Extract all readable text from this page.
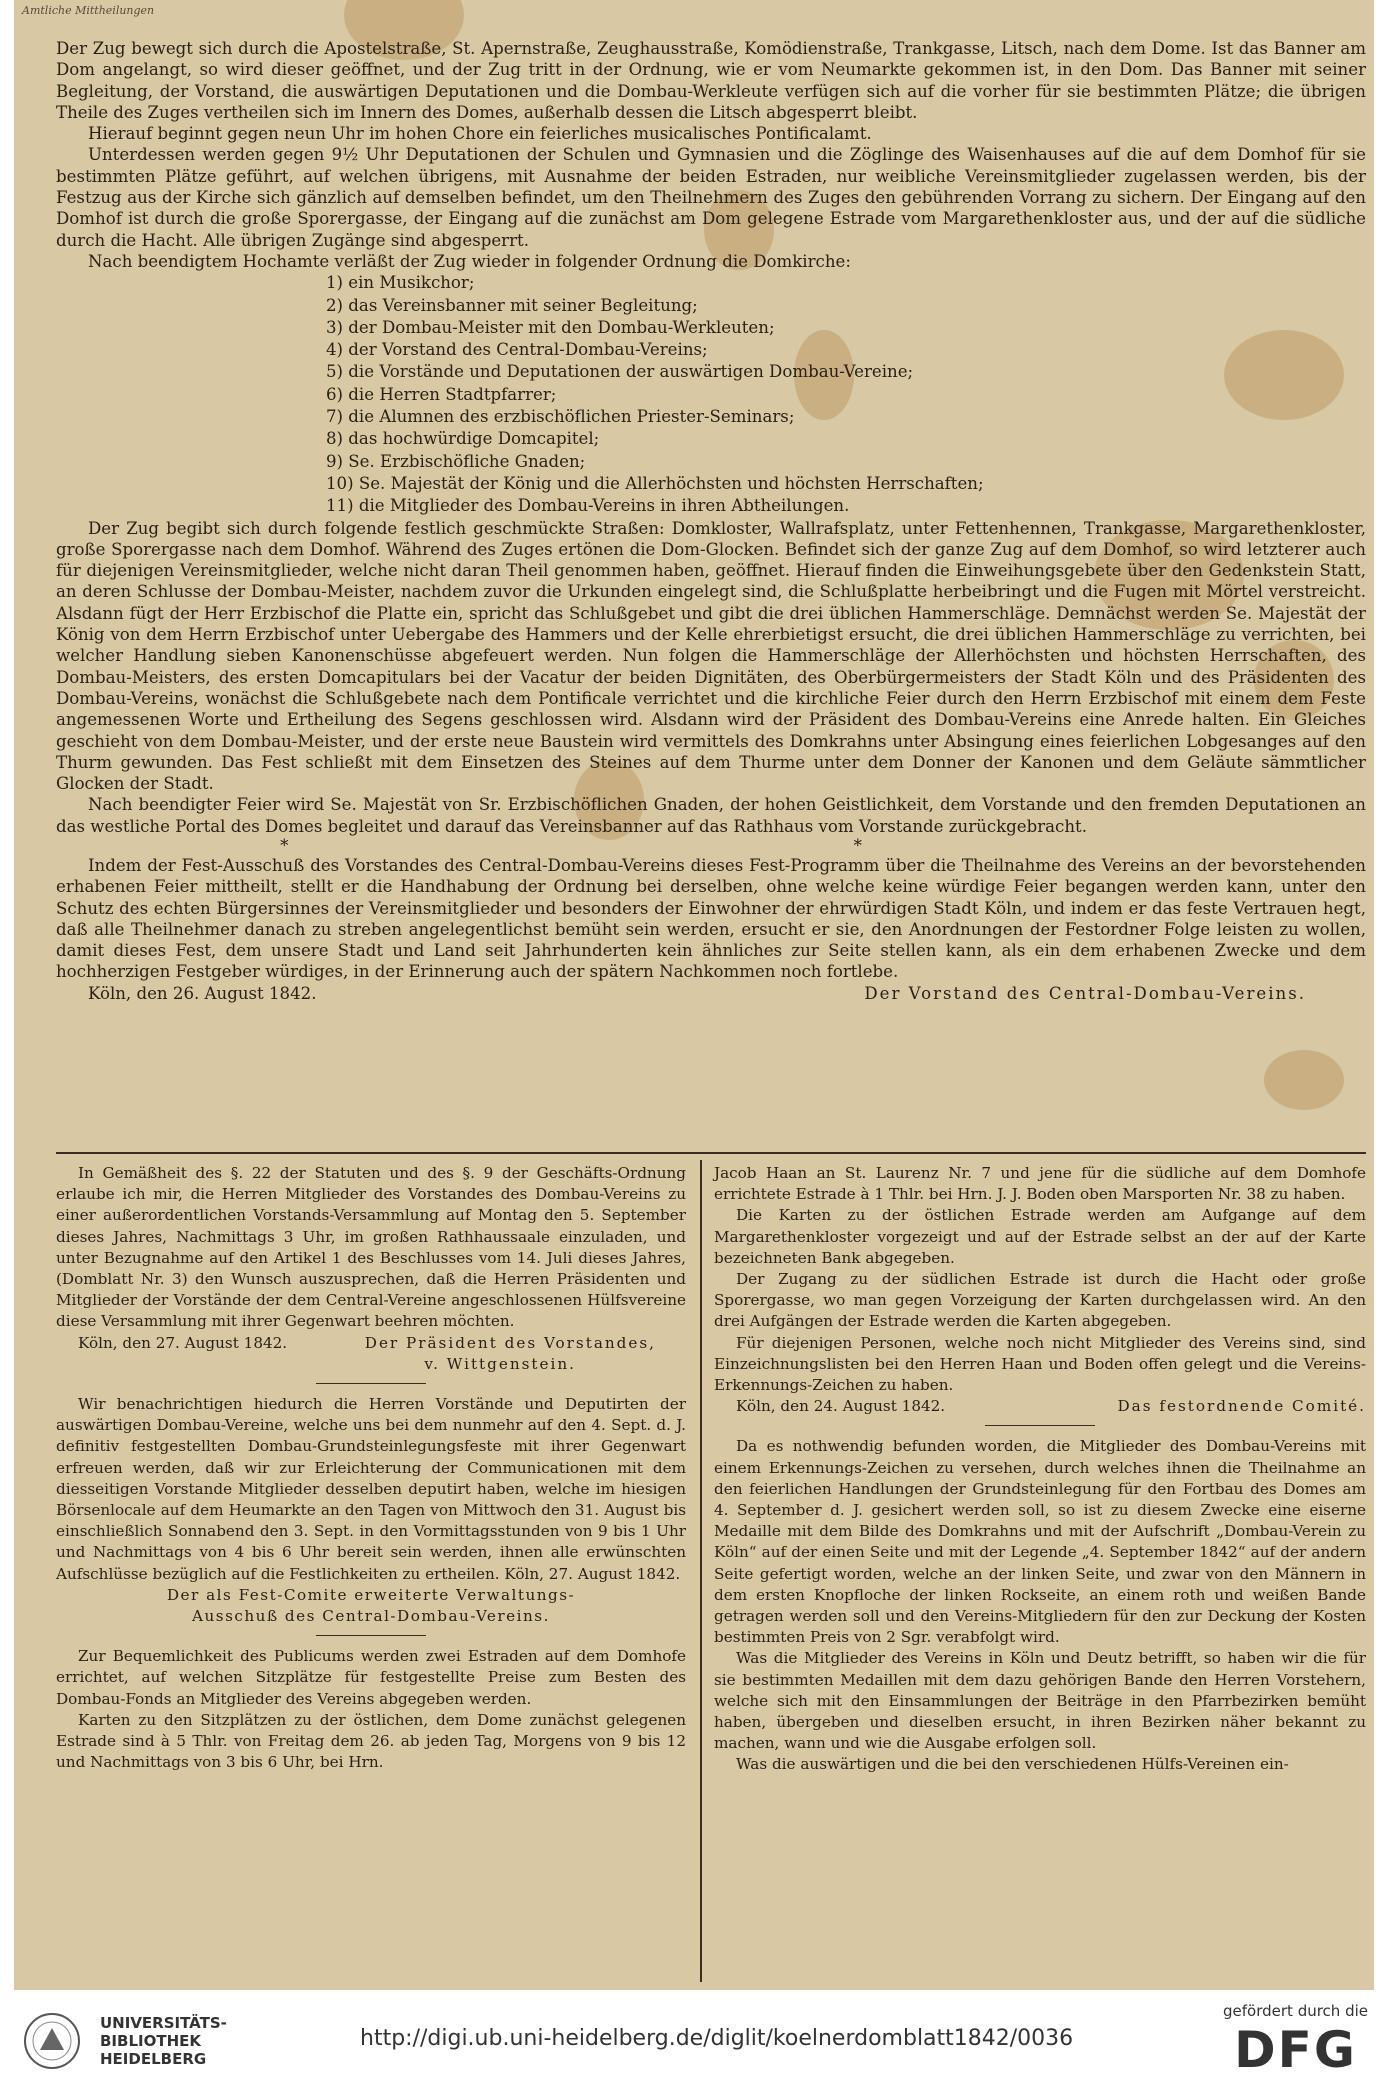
Amtliche Mittheilungen

Der Zug bewegt sich durch die Apostelstraße, St. Apernstraße, Zeughausstraße, Komödienstraße, Trankgasse, Litsch, nach dem Dome. Ist das Banner am Dom angelangt, so wird dieser geöffnet, und der Zug tritt in der Ordnung, wie er vom Neumarkte gekommen ist, in den Dom. Das Banner mit seiner Begleitung, der Vorstand, die auswärtigen Deputationen und die Dombau-Werkleute verfügen sich auf die vorher für sie bestimmten Plätze; die übrigen Theile des Zuges vertheilen sich im Innern des Domes, außerhalb dessen die Litsch abgesperrt bleibt.

Hierauf beginnt gegen neun Uhr im hohen Chore ein feierliches musicalisches Pontificalamt.

Unterdessen werden gegen 9½ Uhr Deputationen der Schulen und Gymnasien und die Zöglinge des Waisenhauses auf die auf dem Domhof für sie bestimmten Plätze geführt, auf welchen übrigens, mit Ausnahme der beiden Estraden, nur weibliche Vereinsmitglieder zugelassen werden, bis der Festzug aus der Kirche sich gänzlich auf demselben befindet, um den Theilnehmern des Zuges den gebührenden Vorrang zu sichern. Der Eingang auf den Domhof ist durch die große Sporergasse, der Eingang auf die zunächst am Dom gelegene Estrade vom Margarethenkloster aus, und der auf die südliche durch die Hacht. Alle übrigen Zugänge sind abgesperrt.

Nach beendigtem Hochamte verläßt der Zug wieder in folgender Ordnung die Domkirche:

1) ein Musikchor;
2) das Vereinsbanner mit seiner Begleitung;
3) der Dombau-Meister mit den Dombau-Werkleuten;
4) der Vorstand des Central-Dombau-Vereins;
5) die Vorstände und Deputationen der auswärtigen Dombau-Vereine;
6) die Herren Stadtpfarrer;
7) die Alumnen des erzbischöflichen Priester-Seminars;
8) das hochwürdige Domcapitel;
9) Se. Erzbischöfliche Gnaden;
10) Se. Majestät der König und die Allerhöchsten und höchsten Herrschaften;
11) die Mitglieder des Dombau-Vereins in ihren Abtheilungen.

Der Zug begibt sich durch folgende festlich geschmückte Straßen: Domkloster, Wallrafsplatz, unter Fettenhennen, Trankgasse, Margarethenkloster, große Sporergasse nach dem Domhof. Während des Zuges ertönen die Dom-Glocken. Befindet sich der ganze Zug auf dem Domhof, so wird letzterer auch für diejenigen Vereinsmitglieder, welche nicht daran Theil genommen haben, geöffnet. Hierauf finden die Einweihungsgebete über den Gedenkstein Statt, an deren Schlusse der Dombau-Meister, nachdem zuvor die Urkunden eingelegt sind, die Schlußplatte herbeibringt und die Fugen mit Mörtel verstreicht. Alsdann fügt der Herr Erzbischof die Platte ein, spricht das Schlußgebet und gibt die drei üblichen Hammerschläge. Demnächst werden Se. Majestät der König von dem Herrn Erzbischof unter Uebergabe des Hammers und der Kelle ehrerbietigst ersucht, die drei üblichen Hammerschläge zu verrichten, bei welcher Handlung sieben Kanonenschüsse abgefeuert werden. Nun folgen die Hammerschläge der Allerhöchsten und höchsten Herrschaften, des Dombau-Meisters, des ersten Domcapitulars bei der Vacatur der beiden Dignitäten, des Oberbürgermeisters der Stadt Köln und des Präsidenten des Dombau-Vereins, wonächst die Schlußgebete nach dem Pontificale verrichtet und die kirchliche Feier durch den Herrn Erzbischof mit einem dem Feste angemessenen Worte und Ertheilung des Segens geschlossen wird. Alsdann wird der Präsident des Dombau-Vereins eine Anrede halten. Ein Gleiches geschieht von dem Dombau-Meister, und der erste neue Baustein wird vermittels des Domkrahns unter Absingung eines feierlichen Lobgesanges auf den Thurm gewunden. Das Fest schließt mit dem Einsetzen des Steines auf dem Thurme unter dem Donner der Kanonen und dem Geläute sämmtlicher Glocken der Stadt.

Nach beendigter Feier wird Se. Majestät von Sr. Erzbischöflichen Gnaden, der hohen Geistlichkeit, dem Vorstande und den fremden Deputationen an das westliche Portal des Domes begleitet und darauf das Vereinsbanner auf das Rathhaus vom Vorstande zurückgebracht.

* *

Indem der Fest-Ausschuß des Vorstandes des Central-Dombau-Vereins dieses Fest-Programm über die Theilnahme des Vereins an der bevorstehenden erhabenen Feier mittheilt, stellt er die Handhabung der Ordnung bei derselben, ohne welche keine würdige Feier begangen werden kann, unter den Schutz des echten Bürgersinnes der Vereinsmitglieder und besonders der Einwohner der ehrwürdigen Stadt Köln, und indem er das feste Vertrauen hegt, daß alle Theilnehmer danach zu streben angelegentlichst bemüht sein werden, ersucht er sie, den Anordnungen der Festordner Folge leisten zu wollen, damit dieses Fest, dem unsere Stadt und Land seit Jahrhunderten kein ähnliches zur Seite stellen kann, als ein dem erhabenen Zwecke und dem hochherzigen Festgeber würdiges, in der Erinnerung auch der spätern Nachkommen noch fortlebe.

Köln, den 26. August 1842.	Der Vorstand des Central-Dombau-Vereins.

In Gemäßheit des §. 22 der Statuten und des §. 9 der Geschäfts-Ordnung erlaube ich mir, die Herren Mitglieder des Vorstandes des Dombau-Vereins zu einer außerordentlichen Vorstands-Versammlung auf Montag den 5. September dieses Jahres, Nachmittags 3 Uhr, im großen Rathhaussaale einzuladen, und unter Bezugnahme auf den Artikel 1 des Beschlusses vom 14. Juli dieses Jahres, (Domblatt Nr. 3) den Wunsch auszusprechen, daß die Herren Präsidenten und Mitglieder der Vorstände der dem Central-Vereine angeschlossenen Hülfsvereine diese Versammlung mit ihrer Gegenwart beehren möchten.

Köln, den 27. August 1842.	Der Präsident des Vorstandes,
v. Wittgenstein.

Wir benachrichtigen hiedurch die Herren Vorstände und Deputirten der auswärtigen Dombau-Vereine, welche uns bei dem nunmehr auf den 4. Sept. d. J. definitiv festgestellten Dombau-Grundsteinlegungsfeste mit ihrer Gegenwart erfreuen werden, daß wir zur Erleichterung der Communicationen mit dem diesseitigen Vorstande Mitglieder desselben deputirt haben, welche im hiesigen Börsenlocale auf dem Heumarkte an den Tagen von Mittwoch den 31. August bis einschließlich Sonnabend den 3. Sept. in den Vormittagsstunden von 9 bis 1 Uhr und Nachmittags von 4 bis 6 Uhr bereit sein werden, ihnen alle erwünschten Aufschlüsse bezüglich auf die Festlichkeiten zu ertheilen. Köln, 27. August 1842.

Der als Fest-Comite erweiterte Verwaltungs-
Ausschuß des Central-Dombau-Vereins.

Zur Bequemlichkeit des Publicums werden zwei Estraden auf dem Domhofe errichtet, auf welchen Sitzplätze für festgestellte Preise zum Besten des Dombau-Fonds an Mitglieder des Vereins abgegeben werden.

Karten zu den Sitzplätzen zu der östlichen, dem Dome zunächst gelegenen Estrade sind à 5 Thlr. von Freitag dem 26. ab jeden Tag, Morgens von 9 bis 12 und Nachmittags von 3 bis 6 Uhr, bei Hrn.

Jacob Haan an St. Laurenz Nr. 7 und jene für die südliche auf dem Domhofe errichtete Estrade à 1 Thlr. bei Hrn. J. J. Boden oben Marsporten Nr. 38 zu haben.

Die Karten zu der östlichen Estrade werden am Aufgange auf dem Margarethenkloster vorgezeigt und auf der Estrade selbst an der auf der Karte bezeichneten Bank abgegeben.

Der Zugang zu der südlichen Estrade ist durch die Hacht oder große Sporergasse, wo man gegen Vorzeigung der Karten durchgelassen wird. An den drei Aufgängen der Estrade werden die Karten abgegeben.

Für diejenigen Personen, welche noch nicht Mitglieder des Vereins sind, sind Einzeichnungslisten bei den Herren Haan und Boden offen gelegt und die Vereins-Erkennungs-Zeichen zu haben.

Köln, den 24. August 1842.	Das festordnende Comité.

Da es nothwendig befunden worden, die Mitglieder des Dombau-Vereins mit einem Erkennungs-Zeichen zu versehen, durch welches ihnen die Theilnahme an den feierlichen Handlungen der Grundsteinlegung für den Fortbau des Domes am 4. September d. J. gesichert werden soll, so ist zu diesem Zwecke eine eiserne Medaille mit dem Bilde des Domkrahns und mit der Aufschrift „Dombau-Verein zu Köln“ auf der einen Seite und mit der Legende „4. September 1842“ auf der andern Seite gefertigt worden, welche an der linken Seite, und zwar von den Männern in dem ersten Knopfloche der linken Rockseite, an einem roth und weißen Bande getragen werden soll und den Vereins-Mitgliedern für den zur Deckung der Kosten bestimmten Preis von 2 Sgr. verabfolgt wird.

Was die Mitglieder des Vereins in Köln und Deutz betrifft, so haben wir die für sie bestimmten Medaillen mit dem dazu gehörigen Bande den Herren Vorstehern, welche sich mit den Einsammlungen der Beiträge in den Pfarrbezirken bemüht haben, übergeben und dieselben ersucht, in ihren Bezirken näher bekannt zu machen, wann und wie die Ausgabe erfolgen soll.

Was die auswärtigen und die bei den verschiedenen Hülfs-Vereinen ein-

UNIVERSITÄTS-
BIBLIOTHEK
HEIDELBERG
http://digi.ub.uni-heidelberg.de/diglit/koelnerdomblatt1842/0036
gefördert durch die
DFG
